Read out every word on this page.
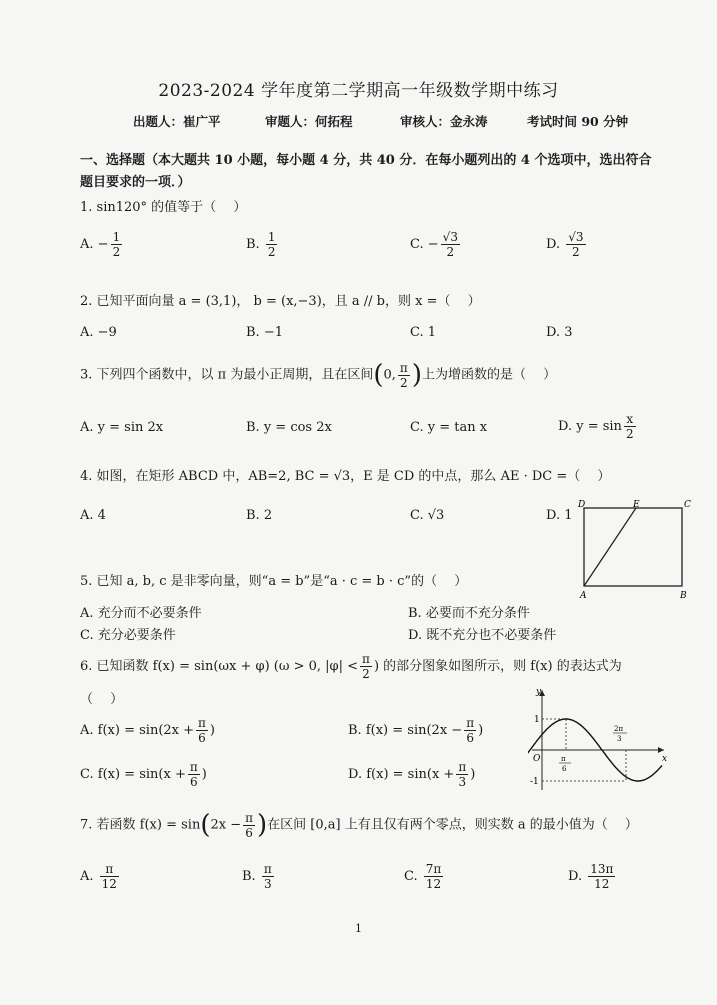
2023-2024 学年度第二学期高一年级数学期中练习
出题人：崔广平	审题人：何拓程	审核人：金永涛	考试时间 90 分钟
一、选择题（本大题共 10 小题，每小题 4 分，共 40 分．在每小题列出的 4 个选项中，选出符合题目要求的一项．）
1. sin120° 的值等于（　 ）
A. − $\frac{1}{2}$	B. $\frac{1}{2}$	C. − $\frac{√3}{2}$	D. $\frac{√3}{2}$
2. 已知平面向量 a = (3,1)， b = (x,−3)，且 a // b，则 x =（　 ）
A. −9	B. −1	C. 1	D. 3
3. 下列四个函数中，以 π 为最小正周期，且在区间(0, $\frac{\pi}{2}$ )上为增函数的是（　 ）
A. y = sin 2x	B. y = cos 2x	C. y = tan x	D. $y = \sin \frac{x}{2}$
4. 如图，在矩形 ABCD 中，AB=2, BC = √3，E 是 CD 的中点，那么 AE · DC =（　 ）
A. 4	B. 2	C. √3	D. 1
A	B
C
D	E
5. 已知 a, b, c 是非零向量，则“a = b”是“a · c = b · c”的（　 ）
A. 充分而不必要条件	B. 必要而不充分条件
C. 充分必要条件	D. 既不充分也不必要条件
6. 已知函数 f(x) = sin(ωx + φ) (ω > 0, $|\varphi| < \frac{\pi}{2}$ ) 的部分图象如图所示，则 f(x) 的表达式为
（　 ）
A. $f(x) = \sin(2x + \frac{\pi}{6}$ )	B. $f(x) = \sin(2x - \frac{\pi}{6}$ )
C. $f(x) = \sin(x + \frac{\pi}{6}$ )	D. $f(x) = \sin(x + \frac{\pi}{3}$ )
y
x
O
1
-1
π
6
2π
3
7. 若函数 $f(x) = \sin(2x - \frac{\pi}{6}$ )在区间 [0,a] 上有且仅有两个零点，则实数 a 的最小值为（　 ）
A. $\frac{\pi}{12}$	B. $\frac{\pi}{3}$	C. $\frac{7\pi}{12}$	D. $\frac{13\pi}{12}$
1
